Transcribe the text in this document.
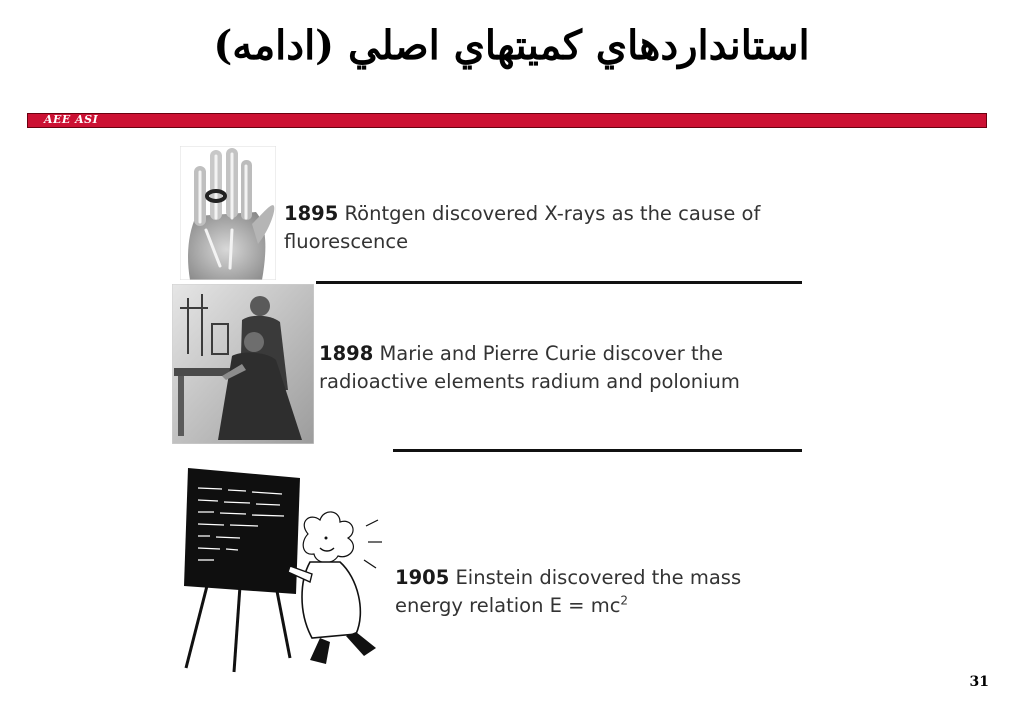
استانداردهاي كميتهاي اصلي (ادامه)
AEE ASI
1895 Röntgen discovered X-rays as the cause of fluorescence
1898 Marie and Pierre Curie discover the radioactive elements radium and polonium
1905 Einstein discovered the mass energy relation $E = mc^2$
31
